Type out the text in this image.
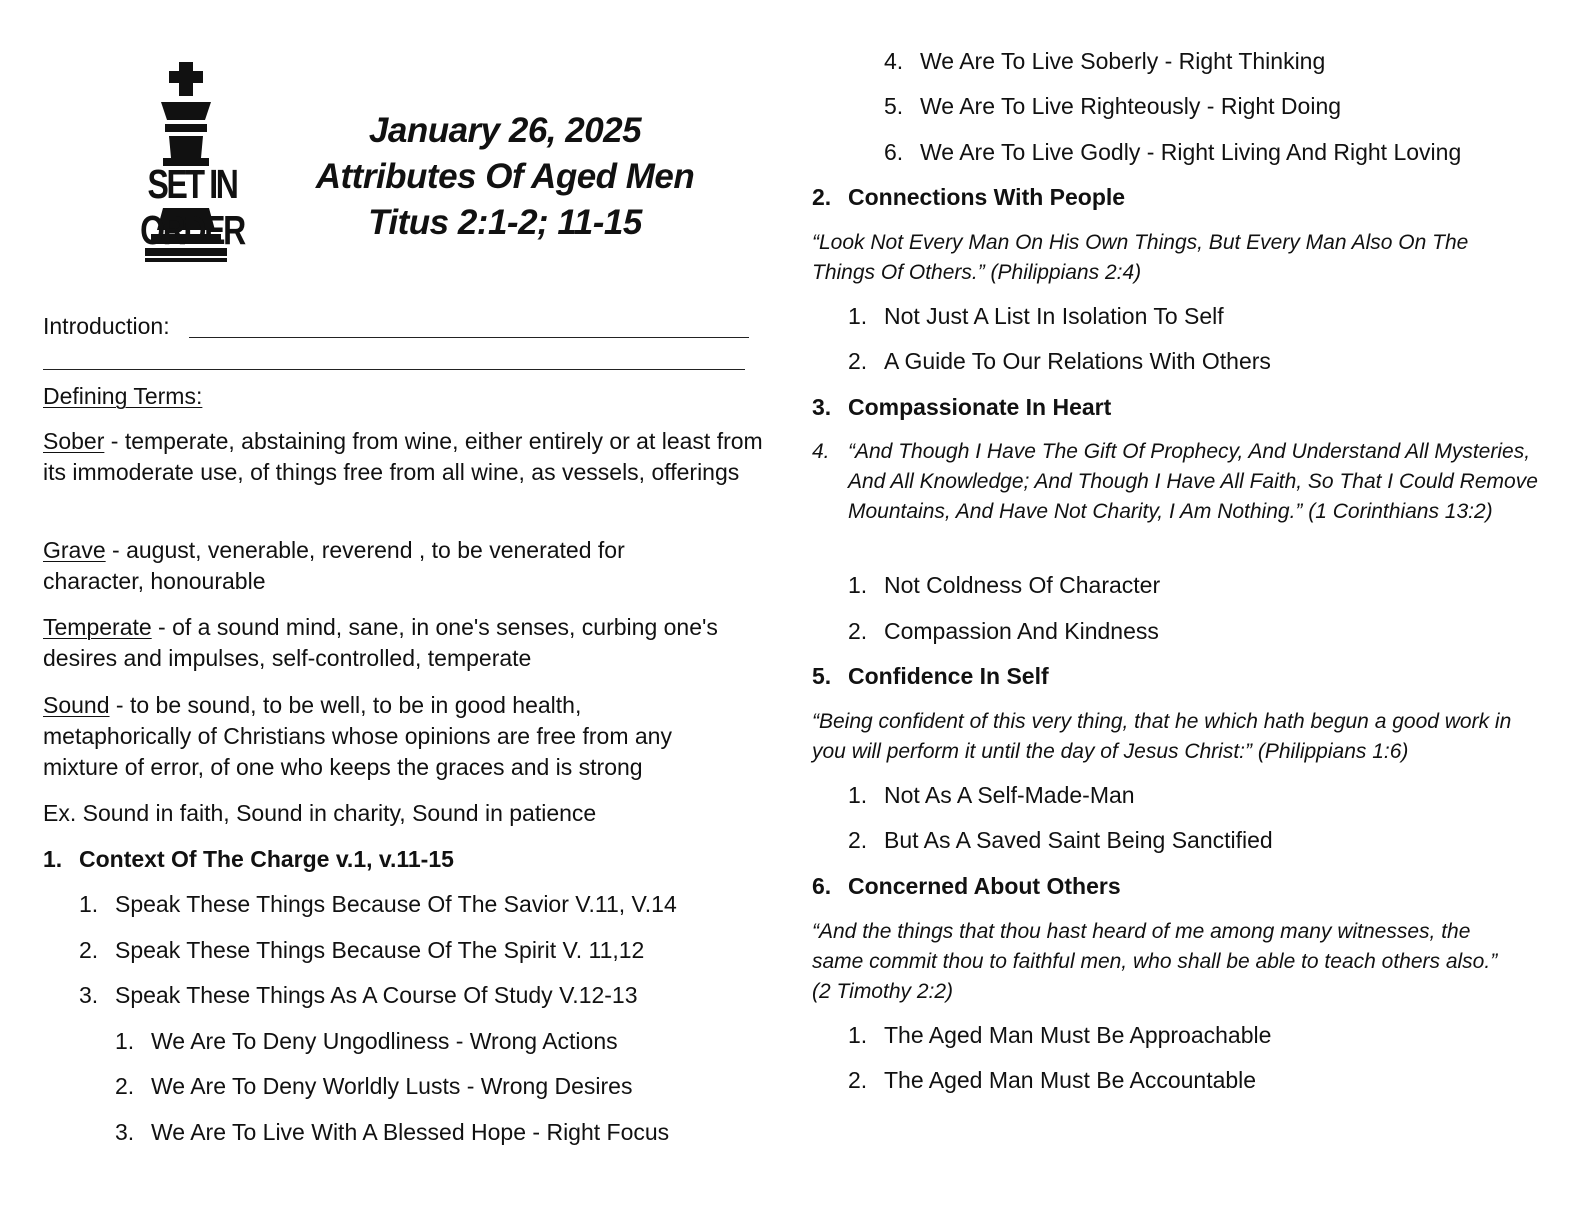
SET IN ORDER
January 26, 2025
Attributes Of Aged Men
Titus 2:1-2; 11-15
Introduction:
Defining Terms:
Sober - temperate, abstaining from wine, either entirely or at least from its immoderate use, of things free from all wine, as vessels, offerings
Grave - august, venerable, reverend , to be venerated for character, honourable
Temperate - of a sound mind, sane, in one's senses, curbing one's desires and impulses, self-controlled, temperate
Sound - to be sound, to be well, to be in good health, metaphorically of Christians whose opinions are free from any mixture of error, of one who keeps the graces and is strong
Ex. Sound in faith, Sound in charity, Sound in patience
1. Context Of The Charge v.1, v.11-15
1. Speak These Things Because Of The Savior V.11, V.14
2. Speak These Things Because Of The Spirit V. 11,12
3. Speak These Things As A Course Of Study V.12-13
1. We Are To Deny Ungodliness - Wrong Actions
2. We Are To Deny Worldly Lusts - Wrong Desires
3. We Are To Live With A Blessed Hope - Right Focus
4. We Are To Live Soberly - Right Thinking
5. We Are To Live Righteously - Right Doing
6. We Are To Live Godly - Right Living And Right Loving
2. Connections With People
“Look Not Every Man On His Own Things, But Every Man Also On The Things Of Others.” (Philippians 2:4)
1. Not Just A List In Isolation To Self
2. A Guide To Our Relations With Others
3. Compassionate In Heart
4. “And Though I Have The Gift Of Prophecy, And Understand All Mysteries, And All Knowledge; And Though I Have All Faith, So That I Could Remove Mountains, And Have Not Charity, I Am Nothing.” (1 Corinthians 13:2)
1. Not Coldness Of Character
2. Compassion And Kindness
5. Confidence In Self
“Being confident of this very thing, that he which hath begun a good work in you will perform it until the day of Jesus Christ:” (Philippians 1:6)
1. Not As A Self-Made-Man
2. But As A Saved Saint Being Sanctified
6. Concerned About Others
“And the things that thou hast heard of me among many witnesses, the same commit thou to faithful men, who shall be able to teach others also.” (2 Timothy 2:2)
1. The Aged Man Must Be Approachable
2. The Aged Man Must Be Accountable
